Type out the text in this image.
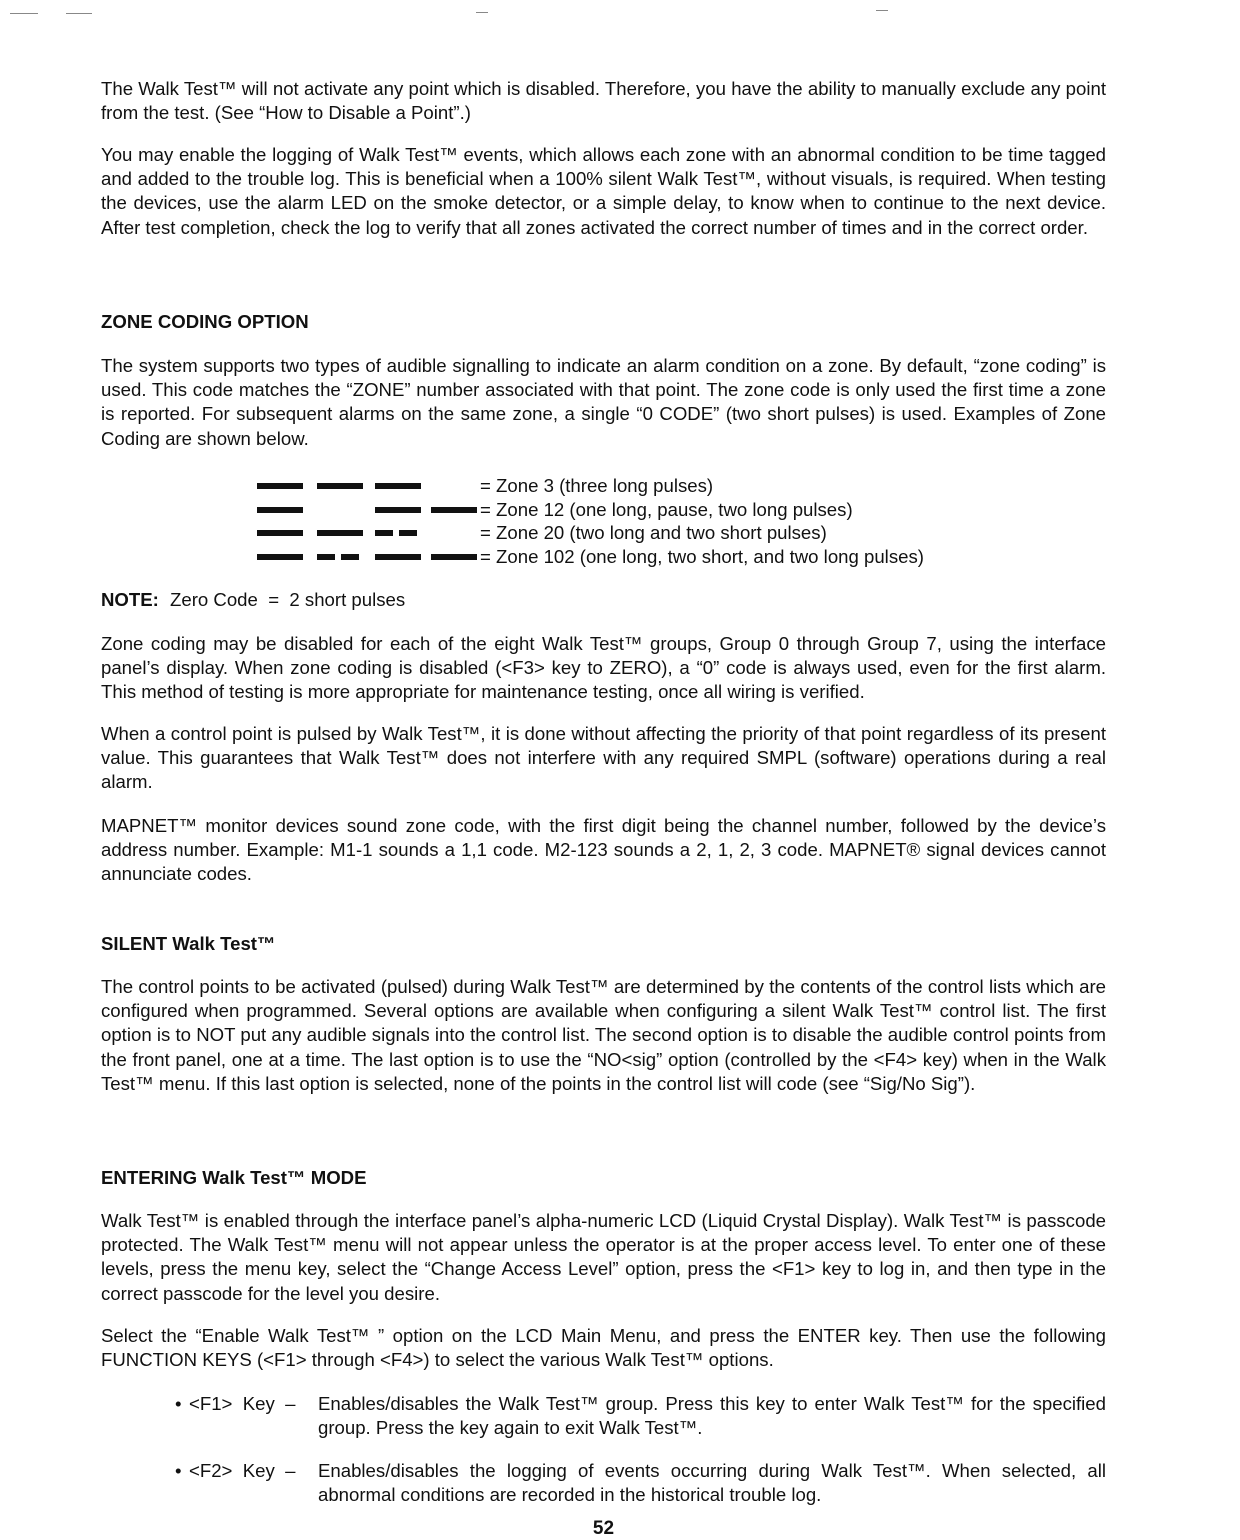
The Walk Test™ will not activate any point which is disabled. Therefore, you have the ability to manually exclude any point from the test. (See “How to Disable a Point”.)

You may enable the logging of Walk Test™ events, which allows each zone with an abnormal condition to be time tagged and added to the trouble log. This is beneficial when a 100% silent Walk Test™, without visuals, is required. When testing the devices, use the alarm LED on the smoke detector, or a simple delay, to know when to continue to the next device. After test completion, check the log to verify that all zones activated the correct number of times and in the correct order.

ZONE CODING OPTION

The system supports two types of audible signalling to indicate an alarm condition on a zone. By default, “zone coding” is used. This code matches the “ZONE” number associated with that point. The zone code is only used the first time a zone is reported. For subsequent alarms on the same zone, a single “0 CODE” (two short pulses) is used. Examples of Zone Coding are shown below.

= Zone 3 (three long pulses)
= Zone 12 (one long, pause, two long pulses)
= Zone 20 (two long and two short pulses)
= Zone 102 (one long, two short, and two long pulses)
NOTE: Zero Code  =  2 short pulses

Zone coding may be disabled for each of the eight Walk Test™ groups, Group 0 through Group 7, using the interface panel’s display. When zone coding is disabled (<F3> key to ZERO), a “0” code is always used, even for the first alarm. This method of testing is more appropriate for maintenance testing, once all wiring is verified.

When a control point is pulsed by Walk Test™, it is done without affecting the priority of that point regardless of its present value. This guarantees that Walk Test™ does not interfere with any required SMPL (software) operations during a real alarm.

MAPNET™ monitor devices sound zone code, with the first digit being the channel number, followed by the device’s address number. Example: M1-1 sounds a 1,1 code. M2-123 sounds a 2, 1, 2, 3 code. MAPNET® signal devices cannot annunciate codes.

SILENT Walk Test™

The control points to be activated (pulsed) during Walk Test™ are determined by the contents of the control lists which are configured when programmed. Several options are available when configuring a silent Walk Test™ control list. The first option is to NOT put any audible signals into the control list. The second option is to disable the audible control points from the front panel, one at a time. The last option is to use the “NO<sig” option (controlled by the <F4> key) when in the Walk Test™ menu. If this last option is selected, none of the points in the control list will code (see “Sig/No Sig”).

ENTERING Walk Test™ MODE

Walk Test™ is enabled through the interface panel’s alpha-numeric LCD (Liquid Crystal Display). Walk Test™ is passcode protected. The Walk Test™ menu will not appear unless the operator is at the proper access level. To enter one of these levels, press the menu key, select the “Change Access Level” option, press the <F1> key to log in, and then type in the correct passcode for the level you desire.

Select the “Enable Walk Test™ ” option on the LCD Main Menu, and press the ENTER key. Then use the following FUNCTION KEYS (<F1> through <F4>) to select the various Walk Test™ options.

• <F1>  Key  – Enables/disables the Walk Test™ group. Press this key to enter Walk Test™ for the specified group. Press the key again to exit Walk Test™.
• <F2>  Key  – Enables/disables the logging of events occurring during Walk Test™. When selected, all abnormal conditions are recorded in the historical trouble log.
52
